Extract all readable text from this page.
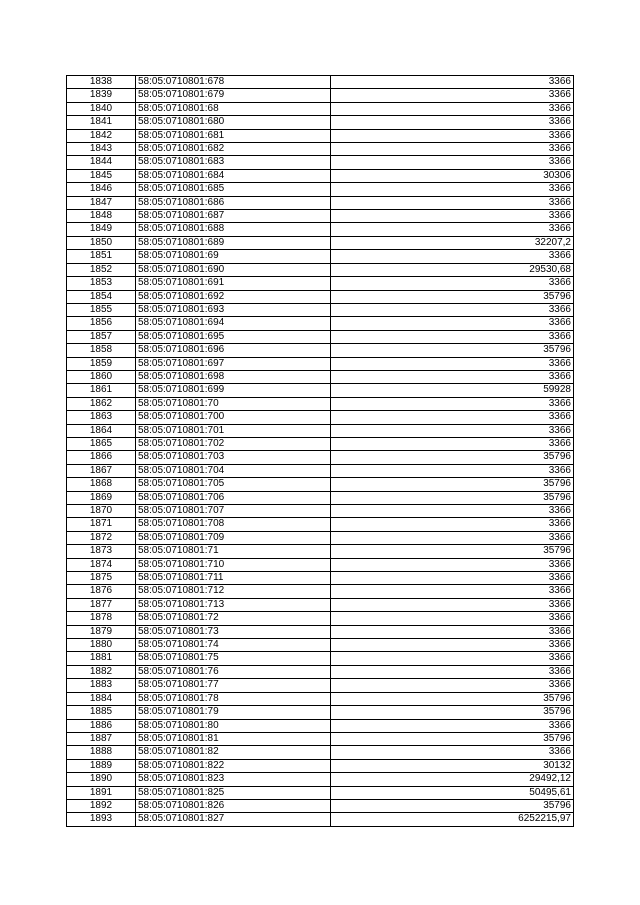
1838	58:05:0710801:678	3366
1839	58:05:0710801:679	3366
1840	58:05:0710801:68	3366
1841	58:05:0710801:680	3366
1842	58:05:0710801:681	3366
1843	58:05:0710801:682	3366
1844	58:05:0710801:683	3366
1845	58:05:0710801:684	30306
1846	58:05:0710801:685	3366
1847	58:05:0710801:686	3366
1848	58:05:0710801:687	3366
1849	58:05:0710801:688	3366
1850	58:05:0710801:689	32207,2
1851	58:05:0710801:69	3366
1852	58:05:0710801:690	29530,68
1853	58:05:0710801:691	3366
1854	58:05:0710801:692	35796
1855	58:05:0710801:693	3366
1856	58:05:0710801:694	3366
1857	58:05:0710801:695	3366
1858	58:05:0710801:696	35796
1859	58:05:0710801:697	3366
1860	58:05:0710801:698	3366
1861	58:05:0710801:699	59928
1862	58:05:0710801:70	3366
1863	58:05:0710801:700	3366
1864	58:05:0710801:701	3366
1865	58:05:0710801:702	3366
1866	58:05:0710801:703	35796
1867	58:05:0710801:704	3366
1868	58:05:0710801:705	35796
1869	58:05:0710801:706	35796
1870	58:05:0710801:707	3366
1871	58:05:0710801:708	3366
1872	58:05:0710801:709	3366
1873	58:05:0710801:71	35796
1874	58:05:0710801:710	3366
1875	58:05:0710801:711	3366
1876	58:05:0710801:712	3366
1877	58:05:0710801:713	3366
1878	58:05:0710801:72	3366
1879	58:05:0710801:73	3366
1880	58:05:0710801:74	3366
1881	58:05:0710801:75	3366
1882	58:05:0710801:76	3366
1883	58:05:0710801:77	3366
1884	58:05:0710801:78	35796
1885	58:05:0710801:79	35796
1886	58:05:0710801:80	3366
1887	58:05:0710801:81	35796
1888	58:05:0710801:82	3366
1889	58:05:0710801:822	30132
1890	58:05:0710801:823	29492,12
1891	58:05:0710801:825	50495,61
1892	58:05:0710801:826	35796
1893	58:05:0710801:827	6252215,97
